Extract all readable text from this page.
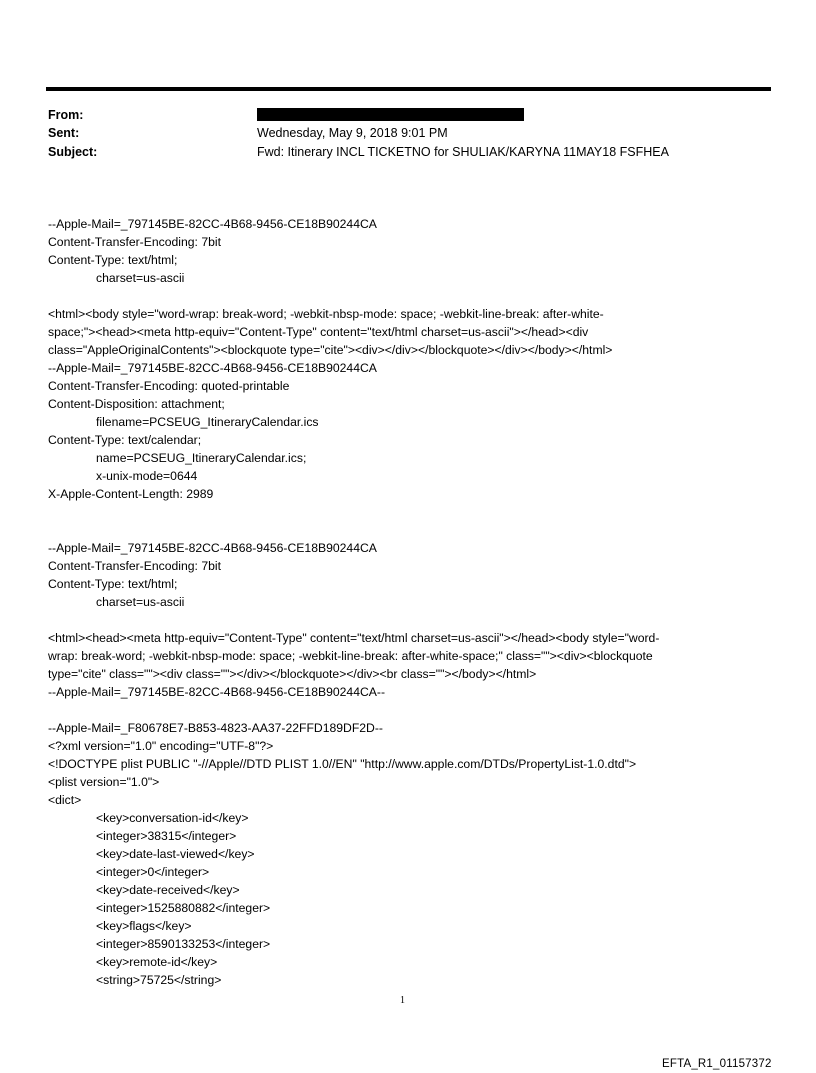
From:
Sent:	Wednesday, May 9, 2018 9:01 PM
Subject:	Fwd: Itinerary INCL TICKETNO for SHULIAK/KARYNA 11MAY18 FSFHEA
--Apple-Mail=_797145BE-82CC-4B68-9456-CE18B90244CA
Content-Transfer-Encoding: 7bit
Content-Type: text/html;
charset=us-ascii
<html><body style="word-wrap: break-word; -webkit-nbsp-mode: space; -webkit-line-break: after-white-
space;"><head><meta http-equiv="Content-Type" content="text/html charset=us-ascii"></head><div
class="AppleOriginalContents"><blockquote type="cite"><div></div></blockquote></div></body></html>
--Apple-Mail=_797145BE-82CC-4B68-9456-CE18B90244CA
Content-Transfer-Encoding: quoted-printable
Content-Disposition: attachment;
filename=PCSEUG_ItineraryCalendar.ics
Content-Type: text/calendar;
name=PCSEUG_ItineraryCalendar.ics;
x-unix-mode=0644
X-Apple-Content-Length: 2989
--Apple-Mail=_797145BE-82CC-4B68-9456-CE18B90244CA
Content-Transfer-Encoding: 7bit
Content-Type: text/html;
charset=us-ascii
<html><head><meta http-equiv="Content-Type" content="text/html charset=us-ascii"></head><body style="word-
wrap: break-word; -webkit-nbsp-mode: space; -webkit-line-break: after-white-space;" class=""><div><blockquote
type="cite" class=""><div class=""></div></blockquote></div><br class=""></body></html>
--Apple-Mail=_797145BE-82CC-4B68-9456-CE18B90244CA--
--Apple-Mail=_F80678E7-B853-4823-AA37-22FFD189DF2D--
<?xml version="1.0" encoding="UTF-8"?>
<!DOCTYPE plist PUBLIC "-//Apple//DTD PLIST 1.0//EN" "http://www.apple.com/DTDs/PropertyList-1.0.dtd">
<plist version="1.0">
<dict>
<key>conversation-id</key>
<integer>38315</integer>
<key>date-last-viewed</key>
<integer>0</integer>
<key>date-received</key>
<integer>1525880882</integer>
<key>flags</key>
<integer>8590133253</integer>
<key>remote-id</key>
<string>75725</string>
1
EFTA_R1_01157372
